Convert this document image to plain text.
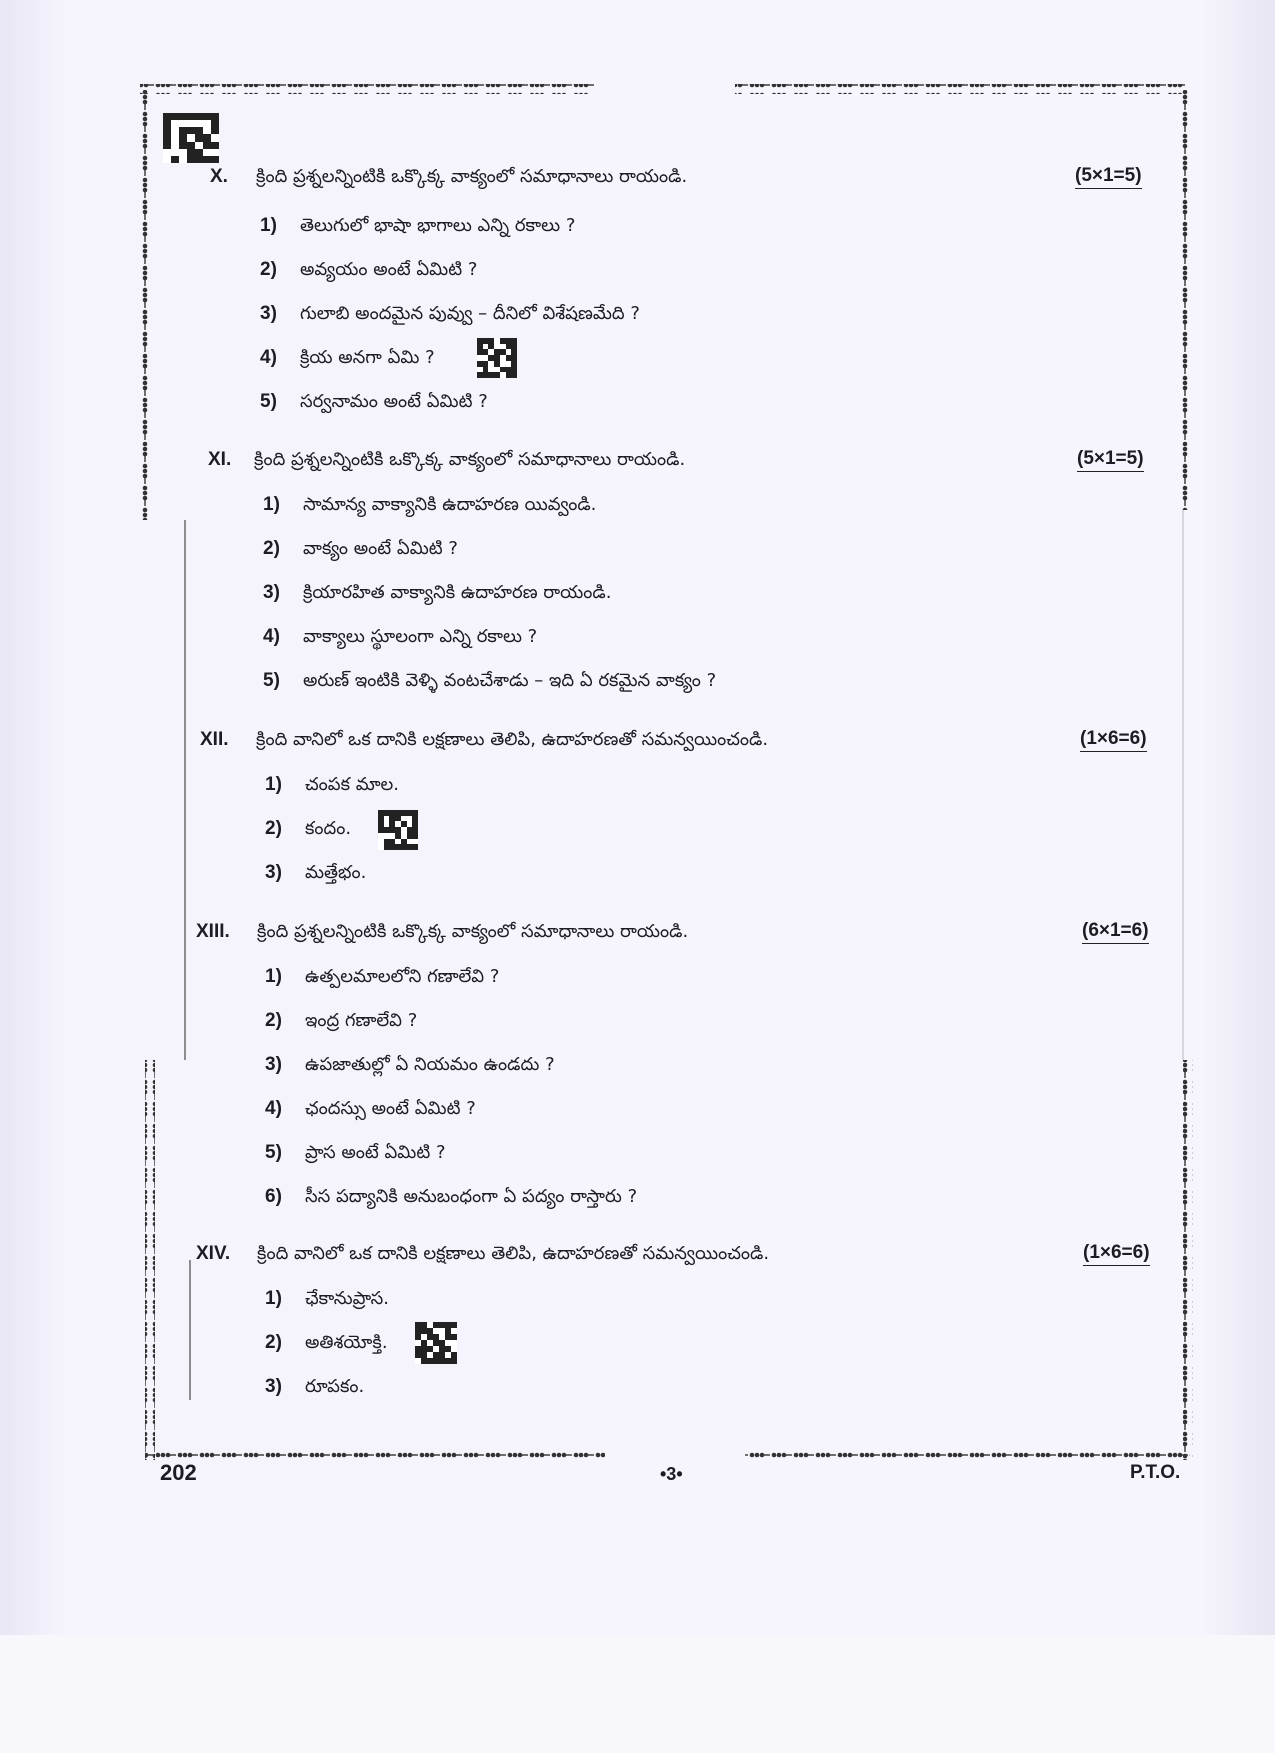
X. క్రింది ప్రశ్నలన్నింటికి ఒక్కొక్క వాక్యంలో సమాధానాలు రాయండి.	(5×1=5)
1) తెలుగులో భాషా భాగాలు ఎన్ని రకాలు ?
2) అవ్యయం అంటే ఏమిటి ?
3) గులాబి అందమైన పువ్వు – దీనిలో విశేషణమేది ?
4) క్రియ అనగా ఏమి ?
5) సర్వనామం అంటే ఏమిటి ?
XI. క్రింది ప్రశ్నలన్నింటికి ఒక్కొక్క వాక్యంలో సమాధానాలు రాయండి.	(5×1=5)
1) సామాన్య వాక్యానికి ఉదాహరణ యివ్వండి.
2) వాక్యం అంటే ఏమిటి ?
3) క్రియారహిత వాక్యానికి ఉదాహరణ రాయండి.
4) వాక్యాలు స్థూలంగా ఎన్ని రకాలు ?
5) అరుణ్ ఇంటికి వెళ్ళి వంటచేశాడు – ఇది ఏ రకమైన వాక్యం ?
XII. క్రింది వానిలో ఒక దానికి లక్షణాలు తెలిపి, ఉదాహరణతో సమన్వయించండి.	(1×6=6)
1) చంపక మాల.
2) కందం.
3) మత్తేభం.
XIII. క్రింది ప్రశ్నలన్నింటికి ఒక్కొక్క వాక్యంలో సమాధానాలు రాయండి.	(6×1=6)
1) ఉత్పలమాలలోని గణాలేవి ?
2) ఇంద్ర గణాలేవి ?
3) ఉపజాతుల్లో ఏ నియమం ఉండదు ?
4) ఛందస్సు అంటే ఏమిటి ?
5) ప్రాస అంటే ఏమిటి ?
6) సీస పద్యానికి అనుబంధంగా ఏ పద్యం రాస్తారు ?
XIV. క్రింది వానిలో ఒక దానికి లక్షణాలు తెలిపి, ఉదాహరణతో సమన్వయించండి.	(1×6=6)
1) ఛేకానుప్రాస.
2) అతిశయోక్తి.
3) రూపకం.
202	•3•	P.T.O.
